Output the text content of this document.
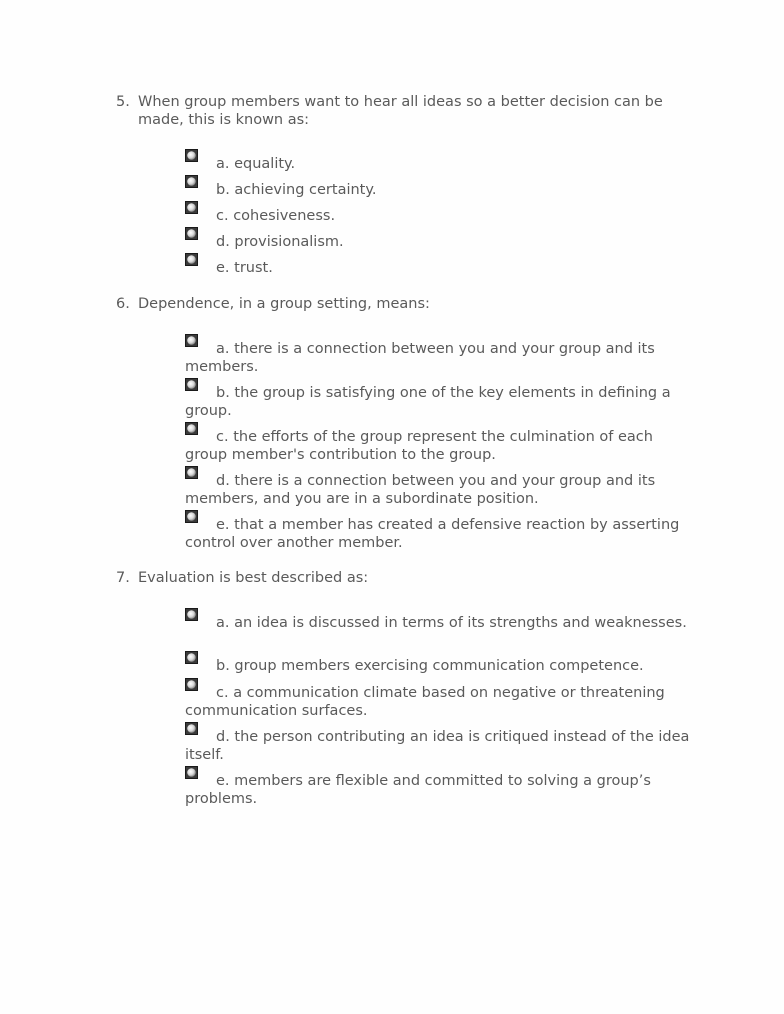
5. When group members want to hear all ideas so a better decision can be made, this is known as:
a. equality.
b. achieving certainty.
c. cohesiveness.
d. provisionalism.
e. trust.
6. Dependence, in a group setting, means:
a. there is a connection between you and your group and its members.
b. the group is satisfying one of the key elements in defining a group.
c. the efforts of the group represent the culmination of each group member's contribution to the group.
d. there is a connection between you and your group and its members, and you are in a subordinate position.
e. that a member has created a defensive reaction by asserting control over another member.
7. Evaluation is best described as:
a. an idea is discussed in terms of its strengths and weaknesses.
b. group members exercising communication competence.
c. a communication climate based on negative or threatening communication surfaces.
d. the person contributing an idea is critiqued instead of the idea itself.
e. members are flexible and committed to solving a group’s problems.
